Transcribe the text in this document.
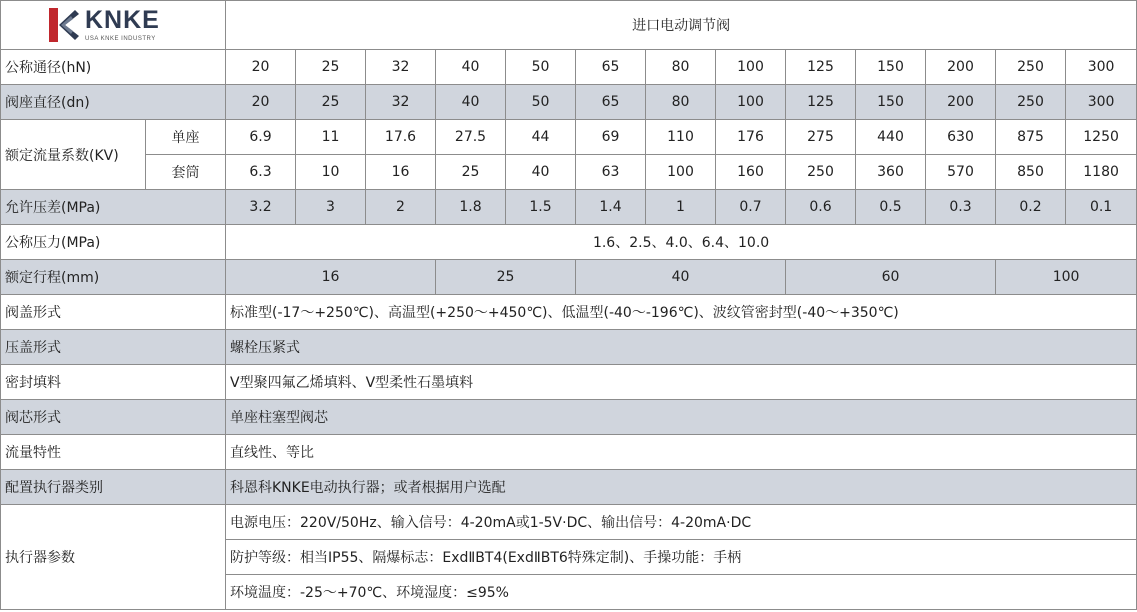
KNKE
USA KNKE INDUSTRY		进口电动调节阀												
公称通径(hN)		20	25	32	40	50	65	80	100	125	150	200	250	300
阀座直径(dn)		20	25	32	40	50	65	80	100	125	150	200	250	300
额定流量系数(KV)	单座	6.9	11	17.6	27.5	44	69	110	176	275	440	630	875	1250
	套筒	6.3	10	16	25	40	63	100	160	250	360	570	850	1180
允许压差(MPa)		3.2	3	2	1.8	1.5	1.4	1	0.7	0.6	0.5	0.3	0.2	0.1
公称压力(MPa)		1.6、2.5、4.0、6.4、10.0												
额定行程(mm)		16			25		40			60			100	
阀盖形式		标准型(-17～+250℃)、高温型(+250～+450℃)、低温型(-40～-196℃)、波纹管密封型(-40～+350℃)												
压盖形式		螺栓压紧式												
密封填料		V型聚四氟乙烯填料、V型柔性石墨填料												
阀芯形式		单座柱塞型阀芯												
流量特性		直线性、等比												
配置执行器类别		科恩科KNKE电动执行器；或者根据用户选配												
执行器参数		电源电压：220V/50Hz、输入信号：4-20mA或1-5V·DC、输出信号：4-20mA·DC												
		防护等级：相当IP55、隔爆标志：ExdⅡBT4(ExdⅡBT6特殊定制)、手操功能：手柄												
		环境温度：-25～+70℃、环境湿度：≤95%												
